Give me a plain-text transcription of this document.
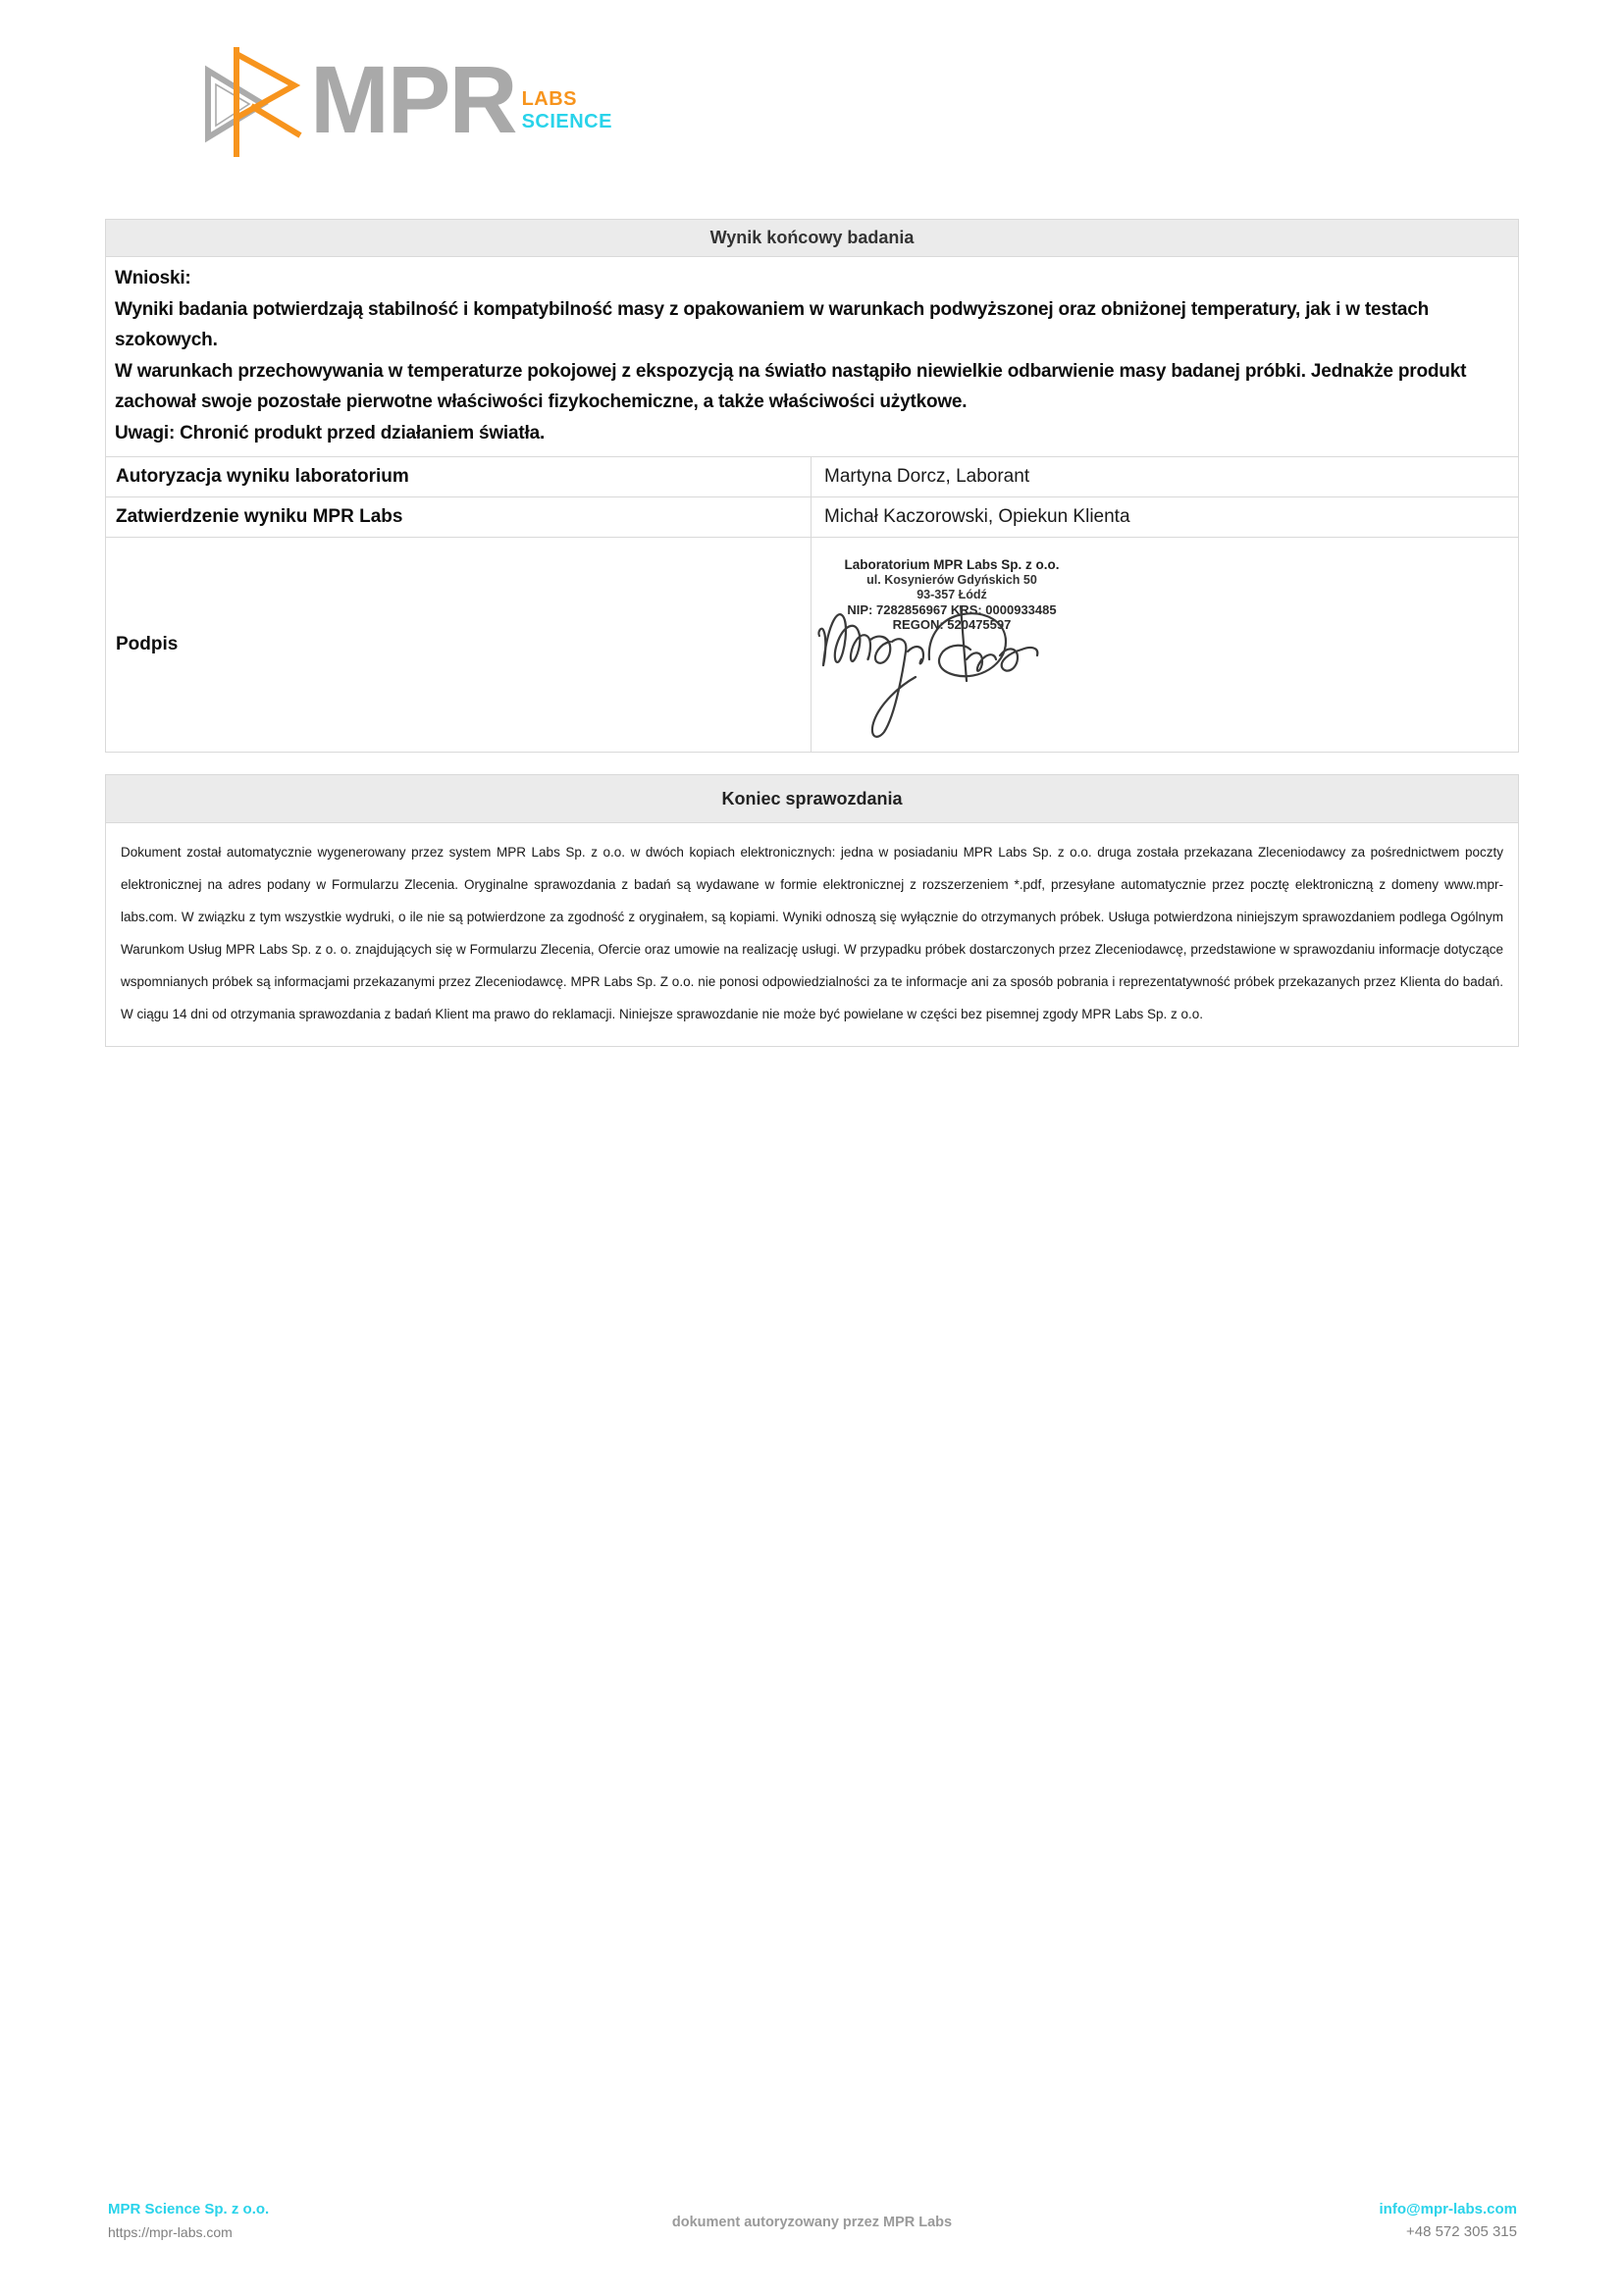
MPR LABS
SCIENCE
Wynik końcowy badania
Wnioski:
Wyniki badania potwierdzają stabilność i kompatybilność masy z opakowaniem w warunkach podwyższonej oraz obniżonej temperatury, jak i w testach szokowych.
W warunkach przechowywania w temperaturze pokojowej z ekspozycją na światło nastąpiło niewielkie odbarwienie masy badanej próbki. Jednakże produkt zachował swoje pozostałe pierwotne właściwości fizykochemiczne, a także właściwości użytkowe.
Uwagi: Chronić produkt przed działaniem światła.
Autoryzacja wyniku laboratorium	Martyna Dorcz, Laborant
Zatwierdzenie wyniku MPR Labs	Michał Kaczorowski, Opiekun Klienta
Podpis
Laboratorium MPR Labs Sp. z o.o.
ul. Kosynierów Gdyńskich 50
93-357 Łódź
NIP: 7282856967 KRS: 0000933485
REGON: 520475597
Koniec sprawozdania
Dokument został automatycznie wygenerowany przez system MPR Labs Sp. z o.o. w dwóch kopiach elektronicznych: jedna w posiadaniu MPR Labs Sp. z o.o. druga została przekazana Zleceniodawcy za pośrednictwem poczty elektronicznej na adres podany w Formularzu Zlecenia. Oryginalne sprawozdania z badań są wydawane w formie elektronicznej z rozszerzeniem *.pdf, przesyłane automatycznie przez pocztę elektroniczną z domeny www.mpr-labs.com. W związku z tym wszystkie wydruki, o ile nie są potwierdzone za zgodność z oryginałem, są kopiami. Wyniki odnoszą się wyłącznie do otrzymanych próbek. Usługa potwierdzona niniejszym sprawozdaniem podlega Ogólnym Warunkom Usług MPR Labs Sp. z o. o. znajdujących się w Formularzu Zlecenia, Ofercie oraz umowie na realizację usługi. W przypadku próbek dostarczonych przez Zleceniodawcę, przedstawione w sprawozdaniu informacje dotyczące wspomnianych próbek są informacjami przekazanymi przez Zleceniodawcę. MPR Labs Sp. Z o.o. nie ponosi odpowiedzialności za te informacje ani za sposób pobrania i reprezentatywność próbek przekazanych przez Klienta do badań. W ciągu 14 dni od otrzymania sprawozdania z badań Klient ma prawo do reklamacji. Niniejsze sprawozdanie nie może być powielane w części bez pisemnej zgody MPR Labs Sp. z o.o.
MPR Science Sp. z o.o.
https://mpr-labs.com
dokument autoryzowany przez MPR Labs
info@mpr-labs.com
+48 572 305 315
